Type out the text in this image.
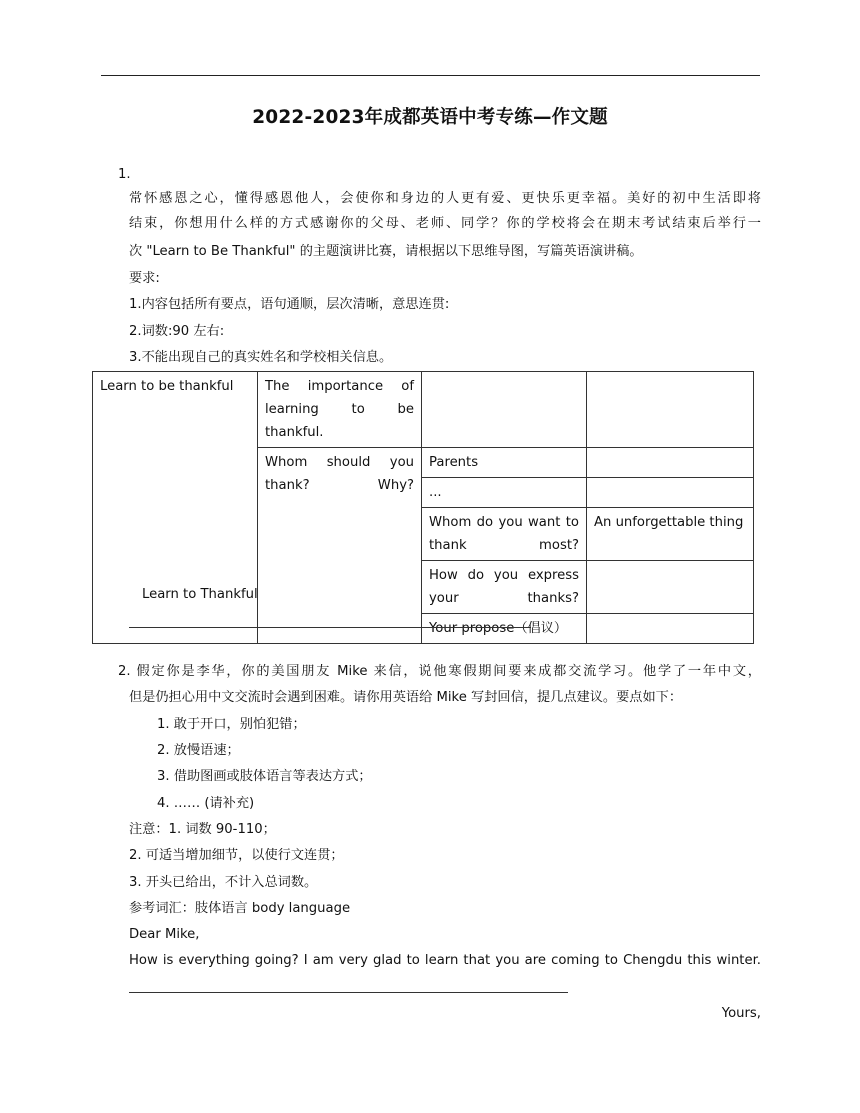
2022-2023年成都英语中考专练—作文题
1.
常怀感恩之心，懂得感恩他人，会使你和身边的人更有爱、更快乐更幸福。美好的初中生活即将
结束，你想用什么样的方式感谢你的父母、老师、同学？你的学校将会在期末考试结束后举行一
次 "Learn to Be Thankful" 的主题演讲比赛，请根据以下思维导图，写篇英语演讲稿。
要求:
1.内容包括所有要点，语句通顺，层次清晰，意思连贯:
2.词数:90 左右:
3.不能出现自己的真实姓名和学校相关信息。
Learn to be thankful	The importance of learning to be thankful.		
	Whom should you thank? Why?	Parents	
		...	
		Whom do you want to thank most?	An unforgettable thing
		How do you express your thanks?	
		Your propose（倡议）	
Learn to Thankful
2. 假定你是李华，你的美国朋友 Mike 来信，说他寒假期间要来成都交流学习。他学了一年中文，
但是仍担心用中文交流时会遇到困难。请你用英语给 Mike 写封回信，提几点建议。要点如下：
1. 敢于开口，别怕犯错；
2. 放慢语速；
3. 借助图画或肢体语言等表达方式；
4. …… (请补充)
注意：1. 词数 90-110；
2. 可适当增加细节，以使行文连贯；
3. 开头已给出，不计入总词数。
参考词汇：肢体语言 body language
Dear Mike,
How is everything going? I am very glad to learn that you are coming to Chengdu this winter.
Yours,
